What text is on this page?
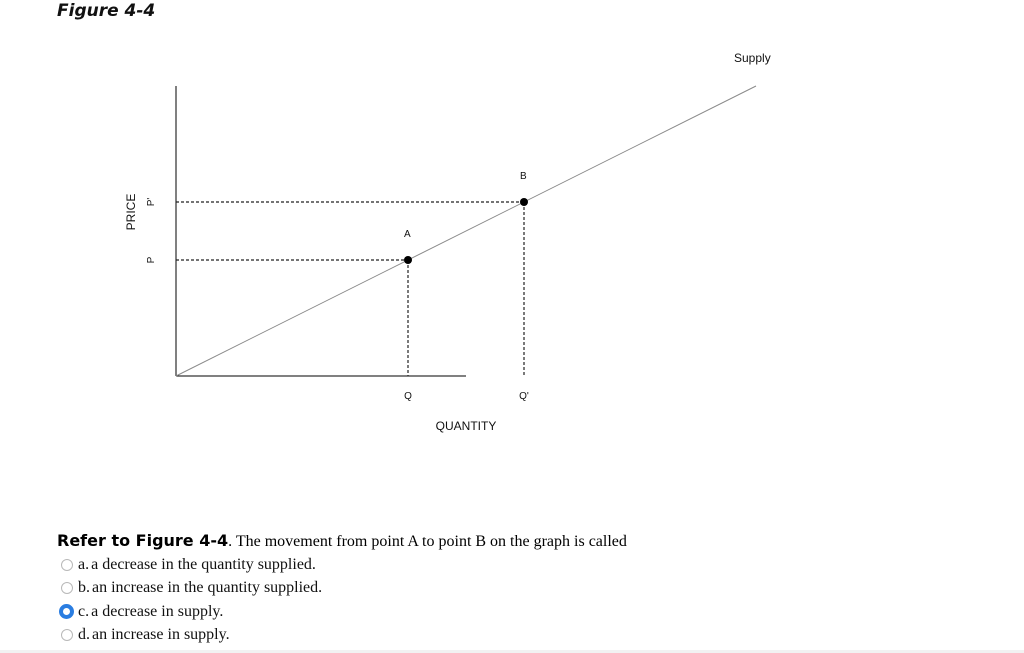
Figure 4-4
Supply
A
Q
P
B
Q'
P'
QUANTITY
PRICE
Refer to Figure 4-4. The movement from point A to point B on the graph is called
a. a decrease in the quantity supplied.
b. an increase in the quantity supplied.
c. a decrease in supply.
d. an increase in supply.
